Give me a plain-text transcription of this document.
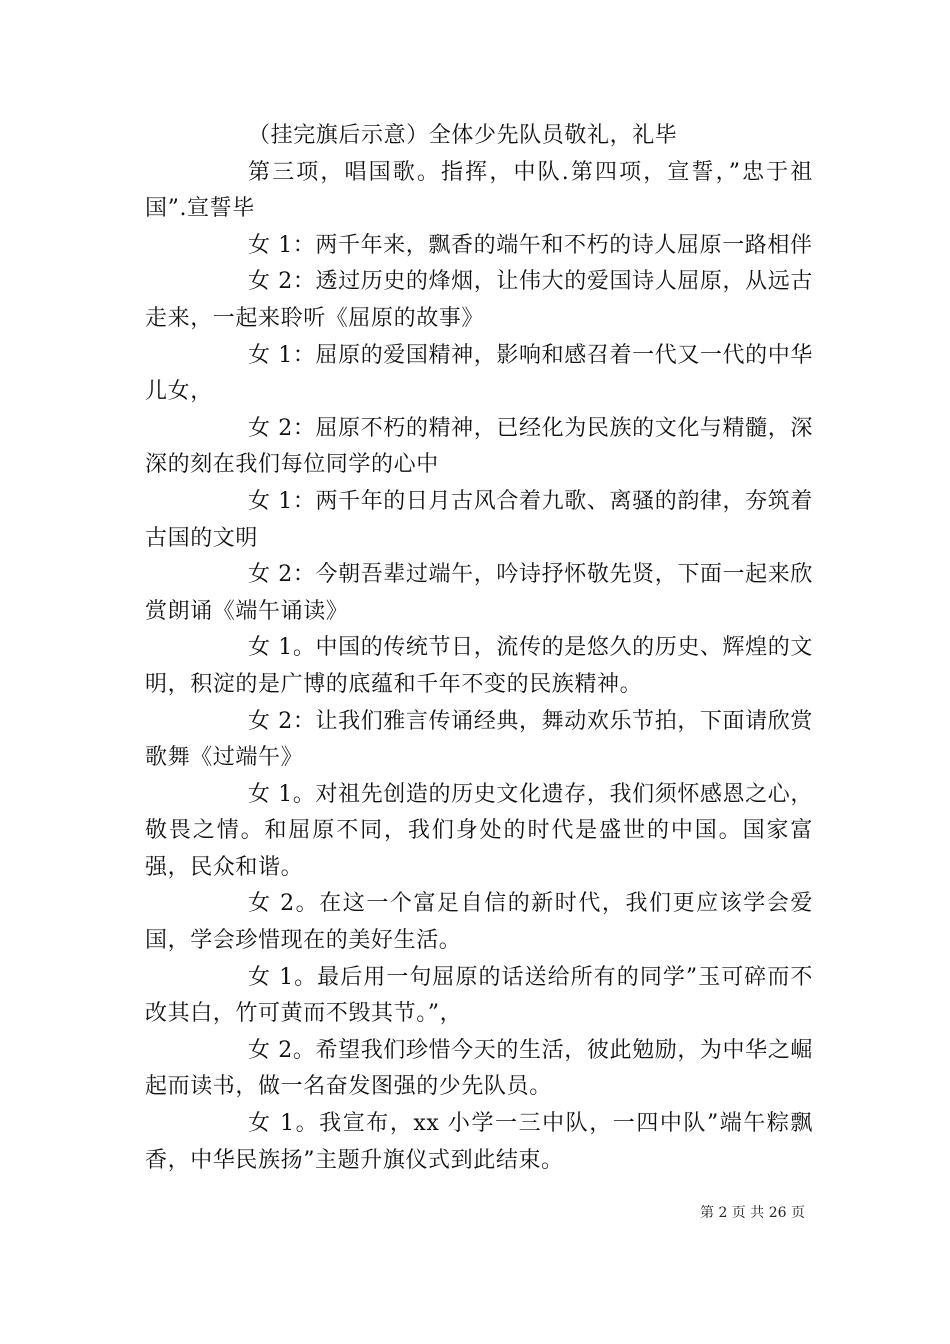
（挂完旗后示意）全体少先队员敬礼，礼毕

第三项，唱国歌。指挥，中队.第四项，宣誓，”忠于祖国”.宣誓毕

女 1：两千年来，飘香的端午和不朽的诗人屈原一路相伴

女 2：透过历史的烽烟，让伟大的爱国诗人屈原，从远古走来，一起来聆听《屈原的故事》

女 1：屈原的爱国精神，影响和感召着一代又一代的中华儿女，

女 2：屈原不朽的精神，已经化为民族的文化与精髓，深深的刻在我们每位同学的心中

女 1：两千年的日月古风合着九歌、离骚的韵律，夯筑着古国的文明

女 2：今朝吾辈过端午，吟诗抒怀敬先贤，下面一起来欣赏朗诵《端午诵读》

女 1。中国的传统节日，流传的是悠久的历史、辉煌的文明，积淀的是广博的底蕴和千年不变的民族精神。

女 2：让我们雅言传诵经典，舞动欢乐节拍，下面请欣赏歌舞《过端午》

女 1。对祖先创造的历史文化遗存，我们须怀感恩之心，敬畏之情。和屈原不同，我们身处的时代是盛世的中国。国家富强，民众和谐。

女 2。在这一个富足自信的新时代，我们更应该学会爱国，学会珍惜现在的美好生活。

女 1。最后用一句屈原的话送给所有的同学”玉可碎而不改其白，竹可黄而不毁其节。”，

女 2。希望我们珍惜今天的生活，彼此勉励，为中华之崛起而读书，做一名奋发图强的少先队员。

女 1。我宣布，xx 小学一三中队，一四中队”端午粽飘香，中华民族扬”主题升旗仪式到此结束。

第 2 页 共 26 页
